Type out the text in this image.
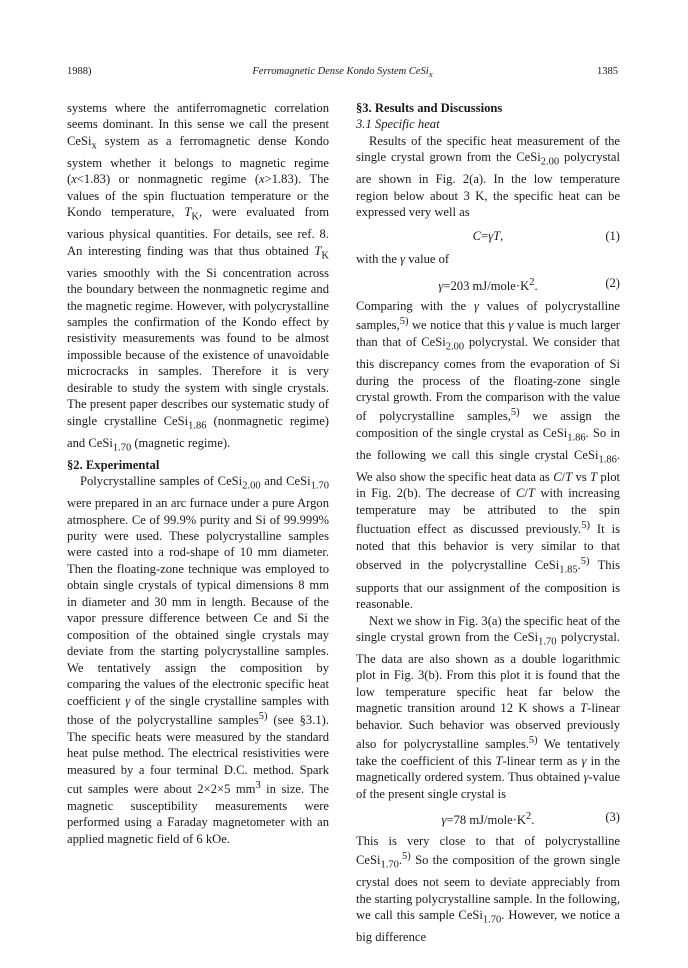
1988)	Ferromagnetic Dense Kondo System CeSi$_x$	1385

systems where the antiferromagnetic correlation seems dominant. In this sense we call the present CeSi$_x$ system as a ferromagnetic dense Kondo system whether it belongs to magnetic regime (x<1.83) or nonmagnetic regime (x>1.83). The values of the spin fluctuation temperature or the Kondo temperature, $T_K$, were evaluated from various physical quantities. For details, see ref. 8. An interesting finding was that thus obtained $T_K$ varies smoothly with the Si concentration across the boundary between the nonmagnetic regime and the magnetic regime. However, with polycrystalline samples the confirmation of the Kondo effect by resistivity measurements was found to be almost impossible because of the existence of unavoidable microcracks in samples. Therefore it is very desirable to study the system with single crystals. The present paper describes our systematic study of single crystalline CeSi$_{1.86}$ (nonmagnetic regime) and CeSi$_{1.70}$ (magnetic regime).

§2. Experimental

Polycrystalline samples of CeSi$_{2.00}$ and CeSi$_{1.70}$ were prepared in an arc furnace under a pure Argon atmosphere. Ce of 99.9% purity and Si of 99.999% purity were used. These polycrystalline samples were casted into a rod-shape of 10 mm diameter. Then the floating-zone technique was employed to obtain single crystals of typical dimensions 8 mm in diameter and 30 mm in length. Because of the vapor pressure difference between Ce and Si the composition of the obtained single crystals may deviate from the starting polycrystalline samples. We tentatively assign the composition by comparing the values of the electronic specific heat coefficient γ of the single crystalline samples with those of the polycrystalline samples$^{5)}$ (see §3.1). The specific heats were measured by the standard heat pulse method. The electrical resistivities were measured by a four terminal D.C. method. Spark cut samples were about 2×2×5 $mm^3$ in size. The magnetic susceptibility measurements were performed using a Faraday magnetometer with an applied magnetic field of 6 kOe.

§3. Results and Discussions
3.1 Specific heat

Results of the specific heat measurement of the single crystal grown from the CeSi$_{2.00}$ polycrystal are shown in Fig. 2(a). In the low temperature region below about 3 K, the specific heat can be expressed very well as

C=γT,	(1)

with the γ value of

γ=203 $mJ/mole\cdot K^2$.	(2)

Comparing with the γ values of polycrystalline samples,$^{5)}$ we notice that this γ value is much larger than that of CeSi$_{2.00}$ polycrystal. We consider that this discrepancy comes from the evaporation of Si during the process of the floating-zone single crystal growth. From the comparison with the value of polycrystalline samples,$^{5)}$ we assign the composition of the single crystal as CeSi$_{1.86}$. So in the following we call this single crystal CeSi$_{1.86}$. We also show the specific heat data as C/T vs T plot in Fig. 2(b). The decrease of C/T with increasing temperature may be attributed to the spin fluctuation effect as discussed previously.$^{5)}$ It is noted that this behavior is very similar to that observed in the polycrystalline CeSi$_{1.85}$.$^{5)}$ This supports that our assignment of the composition is reasonable.

Next we show in Fig. 3(a) the specific heat of the single crystal grown from the CeSi$_{1.70}$ polycrystal. The data are also shown as a double logarithmic plot in Fig. 3(b). From this plot it is found that the low temperature specific heat far below the magnetic transition around 12 K shows a T-linear behavior. Such behavior was observed previously also for polycrystalline samples.$^{5)}$ We tentatively take the coefficient of this T-linear term as γ in the magnetically ordered system. Thus obtained γ-value of the present single crystal is

γ=78 $mJ/mole\cdot K^2$.	(3)

This is very close to that of polycrystalline CeSi$_{1.70}$.$^{5)}$ So the composition of the grown single crystal does not seem to deviate appreciably from the starting polycrystalline sample. In the following, we call this sample CeSi$_{1.70}$. However, we notice a big difference
